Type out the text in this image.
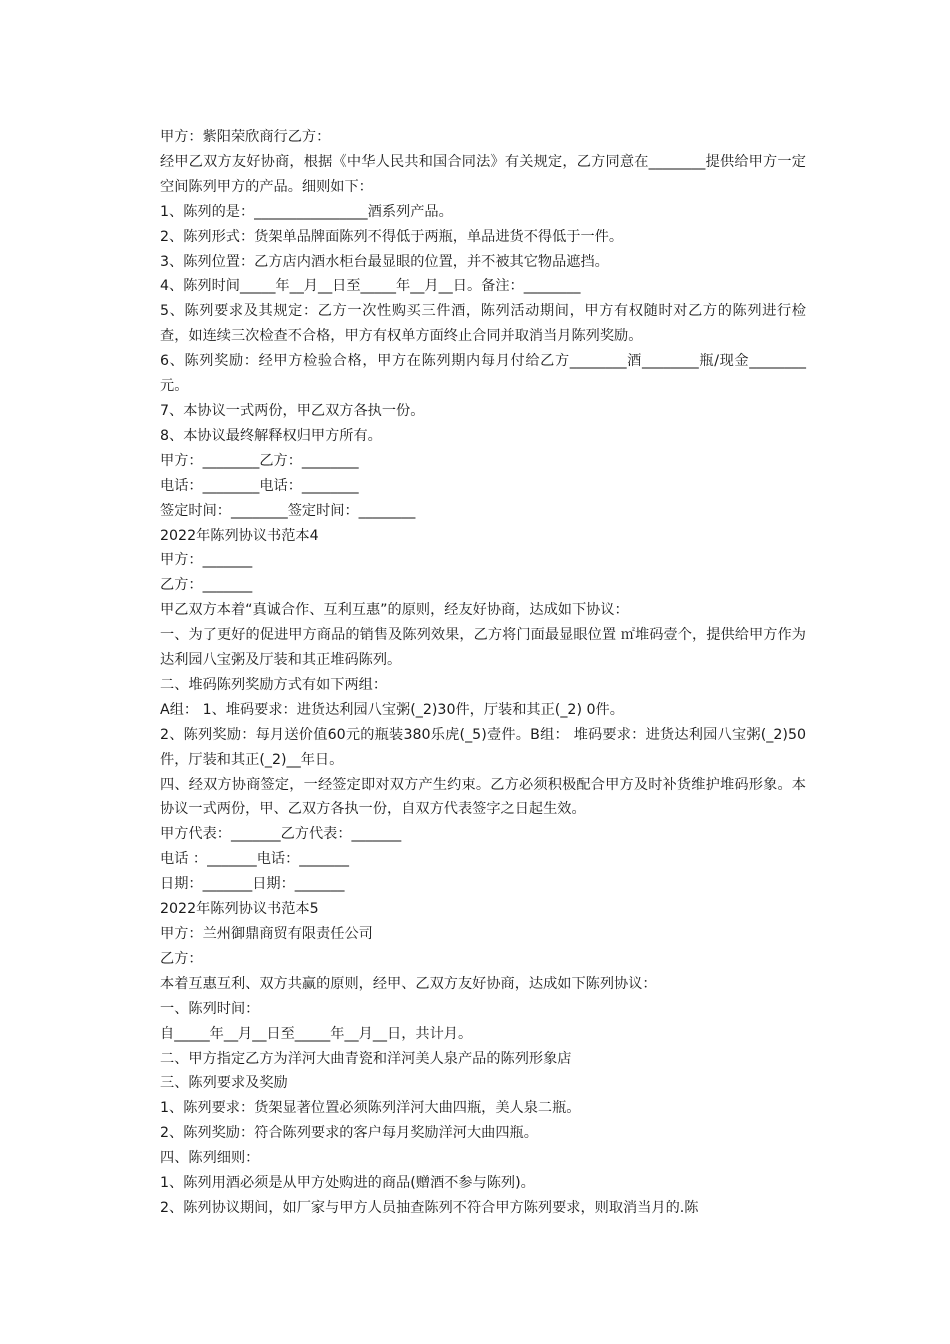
甲方：紫阳荣欣商行乙方：

经甲乙双方友好协商，根据《中华人民共和国合同法》有关规定，乙方同意在________提供给甲方一定空间陈列甲方的产品。细则如下：

1、陈列的是：________________酒系列产品。

2、陈列形式：货架单品牌面陈列不得低于两瓶，单品进货不得低于一件。

3、陈列位置：乙方店内酒水柜台最显眼的位置，并不被其它物品遮挡。

4、陈列时间_____年__月__日至_____年__月__日。备注：________

5、陈列要求及其规定：乙方一次性购买三件酒，陈列活动期间，甲方有权随时对乙方的陈列进行检查，如连续三次检查不合格，甲方有权单方面终止合同并取消当月陈列奖励。

6、陈列奖励：经甲方检验合格，甲方在陈列期内每月付给乙方________酒________瓶/现金________元。

7、本协议一式两份，甲乙双方各执一份。

8、本协议最终解释权归甲方所有。

甲方：________乙方：________

电话：________电话：________

签定时间：________签定时间：________

2022年陈列协议书范本4

甲方：_______

乙方：_______

甲乙双方本着“真诚合作、互利互惠”的原则，经友好协商，达成如下协议：

一、为了更好的促进甲方商品的销售及陈列效果，乙方将门面最显眼位置 ㎡堆码壹个，提供给甲方作为达利园八宝粥及厅装和其正堆码陈列。

二、堆码陈列奖励方式有如下两组：

A组： 1、堆码要求：进货达利园八宝粥(_2)30件，厅装和其正(_2) 0件。

2、陈列奖励：每月送价值60元的瓶装380乐虎(_5)壹件。B组： 堆码要求：进货达利园八宝粥(_2)50件，厅装和其正(_2)__年日。

四、经双方协商签定，一经签定即对双方产生约束。乙方必须积极配合甲方及时补货维护堆码形象。本协议一式两份，甲、乙双方各执一份，自双方代表签字之日起生效。

甲方代表：_______乙方代表：_______

电话 ：_______电话：_______

日期：_______日期：_______

2022年陈列协议书范本5

甲方：兰州御鼎商贸有限责任公司

乙方：

本着互惠互利、双方共赢的原则，经甲、乙双方友好协商，达成如下陈列协议：

一、陈列时间：

自_____年__月__日至_____年__月__日，共计月。

二、甲方指定乙方为洋河大曲青瓷和洋河美人泉产品的陈列形象店

三、陈列要求及奖励

1、陈列要求：货架显著位置必须陈列洋河大曲四瓶，美人泉二瓶。

2、陈列奖励：符合陈列要求的客户每月奖励洋河大曲四瓶。

四、陈列细则：

1、陈列用酒必须是从甲方处购进的商品(赠酒不参与陈列)。

2、陈列协议期间，如厂家与甲方人员抽查陈列不符合甲方陈列要求，则取消当月的.陈
